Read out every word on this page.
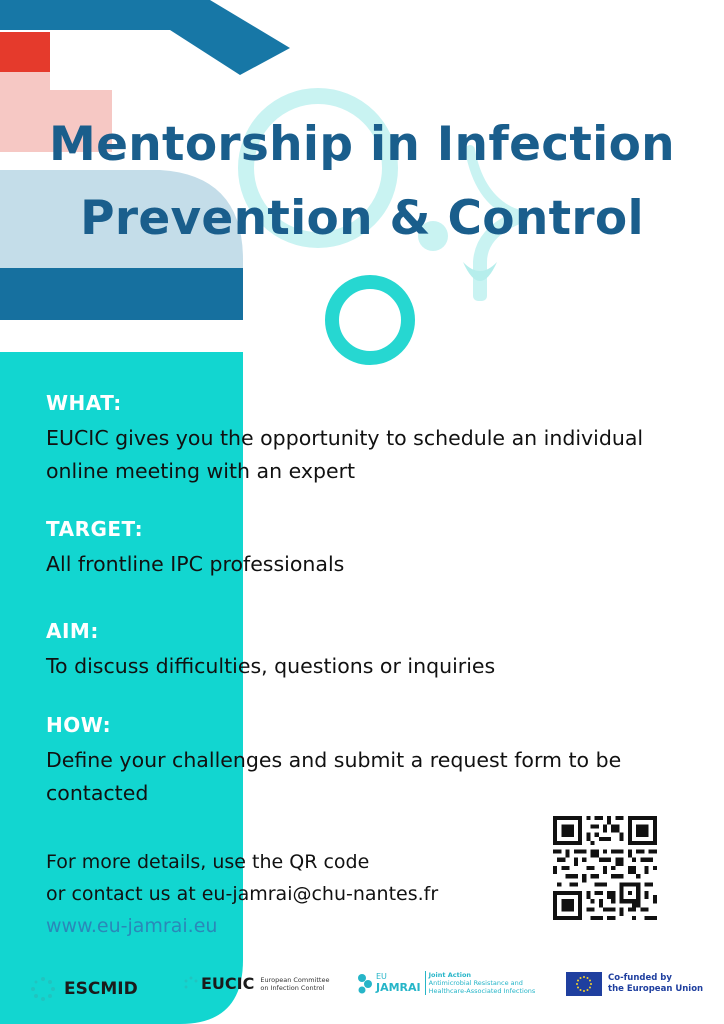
Mentorship in Infection
Prevention & Control
WHAT:
EUCIC gives you the opportunity to schedule an individual
online meeting with an expert
TARGET:
All frontline IPC professionals
AIM:
To discuss difficulties, questions or inquiries
HOW:
Define your challenges and submit a request form to be
contacted
For more details, use the QR code
or contact us at eu-jamrai@chu-nantes.fr
www.eu-jamrai.eu
ESCMID	EUCIC European Committee
on Infection Control
EU
JAMRAI
Joint Action
Antimicrobial Resistance and
Healthcare-Associated Infections
Co-funded by
the European Union
